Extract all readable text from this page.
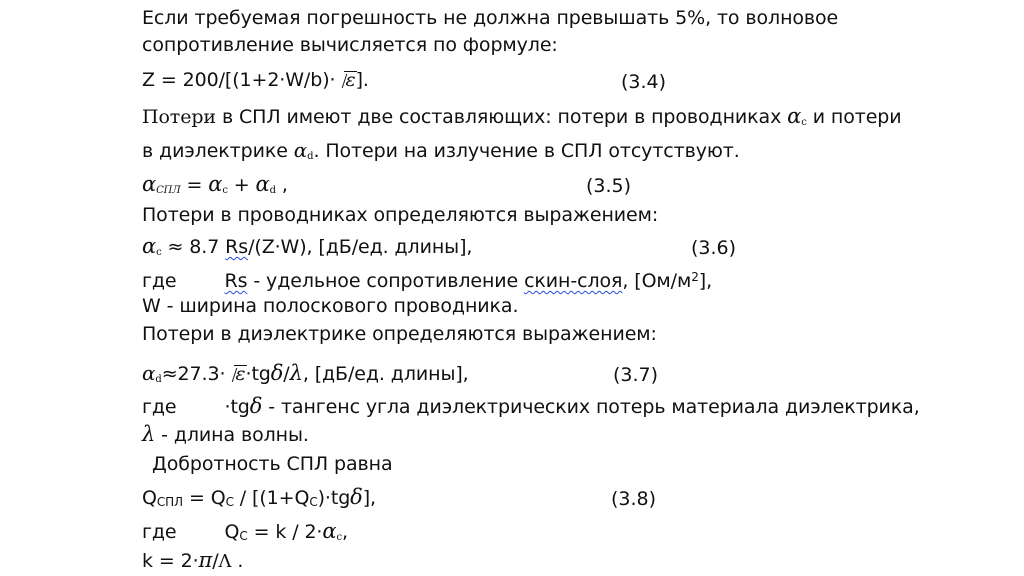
Если требуемая погрешность не должна превышать 5%, то волновое
сопротивление вычисляется по формуле:
Z = 200/[(1+2·W/b)· ε].	(3.4)
Потери в СПЛ имеют две составляющих: потери в проводниках $\alpha_c$ и потери
в диэлектрике $\alpha_d$. Потери на излучение в СПЛ отсутствуют.
$\alpha_{СПЛ} = \alpha_c + \alpha_d$ ,	(3.5)
Потери в проводниках определяются выражением:
$\alpha_c \approx 8.7$ Rs/(Z·W), [дБ/ед. длины],	(3.6)
где	Rs - удельное сопротивление скин-слоя, $[Ом/м^2]$,
W - ширина полоскового проводника.
Потери в диэлектрике определяются выражением:
$\alpha_d\approx 27.3\cdot \varepsilon\cdot tg\delta/\lambda$, [дБ/ед. длины],	(3.7)
где	·tgδ - тангенс угла диэлектрических потерь материала диэлектрика,
λ - длина волны.
Добротность СПЛ равна
$Q_{СПЛ} = Q_C / [(1+Q_C)\cdot tg\delta]$,	(3.8)
где	$Q_C = k / 2\cdot\alpha_c$,
k = 2·π/Λ .
